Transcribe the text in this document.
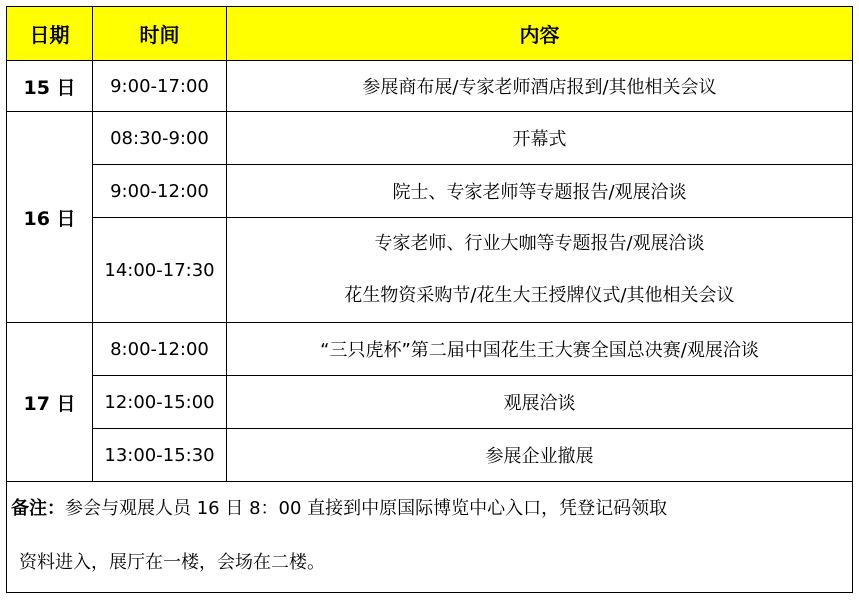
日期	时间	内容
15 日	9:00-17:00	参展商布展/专家老师酒店报到/其他相关会议
16 日	08:30-9:00	开幕式
	9:00-12:00	院士、专家老师等专题报告/观展洽谈
	14:00-17:30	专家老师、行业大咖等专题报告/观展洽谈
花生物资采购节/花生大王授牌仪式/其他相关会议

17 日	8:00-12:00	“三只虎杯”第二届中国花生王大赛全国总决赛/观展洽谈
	12:00-15:00	观展洽谈
	13:00-15:30	参展企业撤展

备注：参会与观展人员 16 日 8：00 直接到中原国际博览中心入口，凭登记码领取
资料进入，展厅在一楼，会场在二楼。		
